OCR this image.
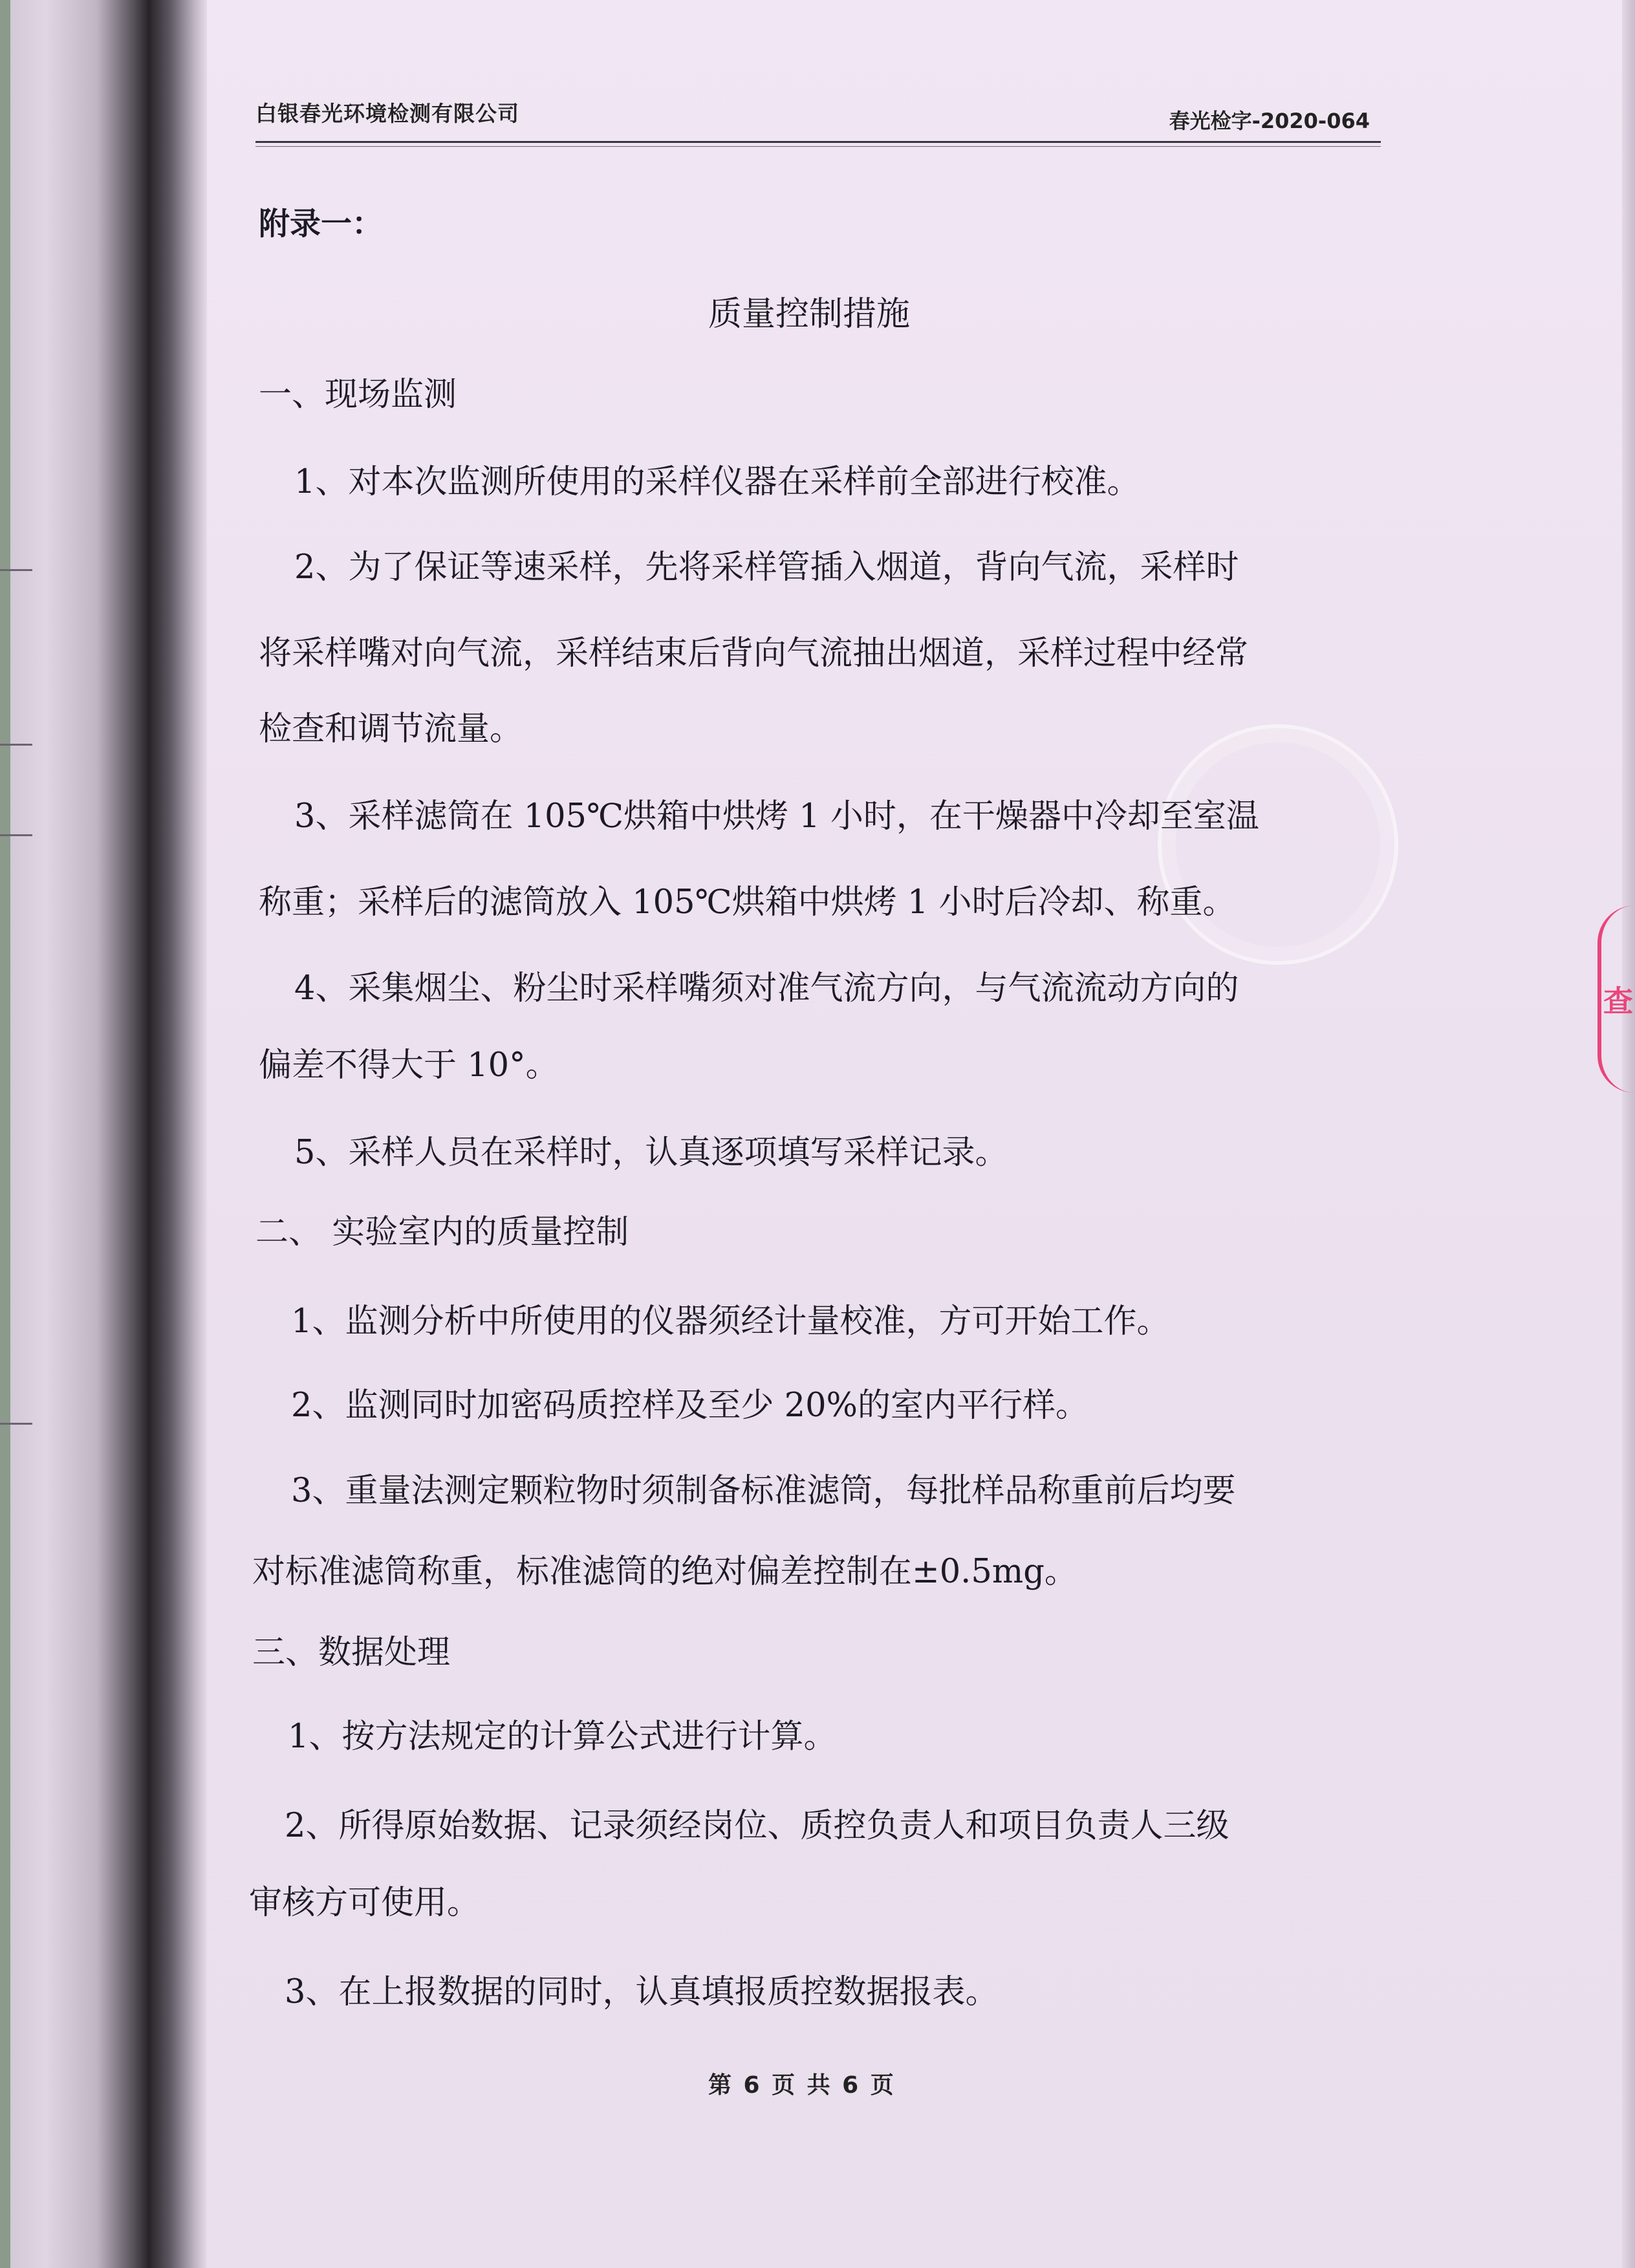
白银春光环境检测有限公司	春光检字-2020-064
查
附录一：
质量控制措施
一、现场监测
1、对本次监测所使用的采样仪器在采样前全部进行校准。
2、为了保证等速采样，先将采样管插入烟道，背向气流，采样时
将采样嘴对向气流，采样结束后背向气流抽出烟道，采样过程中经常
检查和调节流量。
3、采样滤筒在 105℃烘箱中烘烤 1 小时，在干燥器中冷却至室温
称重；采样后的滤筒放入 105℃烘箱中烘烤 1 小时后冷却、称重。
4、采集烟尘、粉尘时采样嘴须对准气流方向，与气流流动方向的
偏差不得大于 10°。
5、采样人员在采样时，认真逐项填写采样记录。
二、 实验室内的质量控制
1、监测分析中所使用的仪器须经计量校准，方可开始工作。
2、监测同时加密码质控样及至少 20%的室内平行样。
3、重量法测定颗粒物时须制备标准滤筒，每批样品称重前后均要
对标准滤筒称重，标准滤筒的绝对偏差控制在±0.5mg。
三、数据处理
1、按方法规定的计算公式进行计算。
2、所得原始数据、记录须经岗位、质控负责人和项目负责人三级
审核方可使用。
3、在上报数据的同时，认真填报质控数据报表。
第 6 页 共 6 页
